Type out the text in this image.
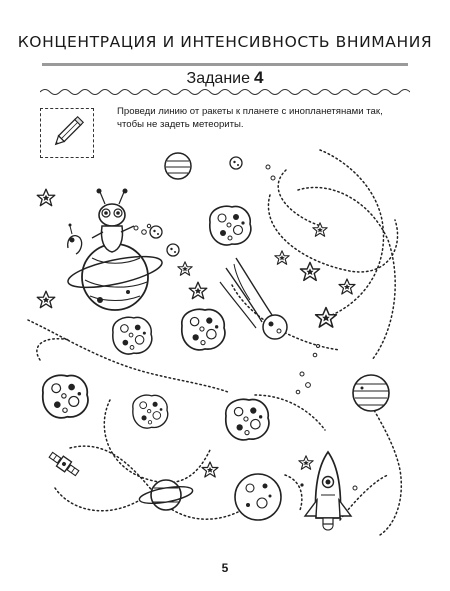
КОНЦЕНТРАЦИЯ И ИНТЕНСИВНОСТЬ ВНИМАНИЯ
Задание 4
Проведи линию от ракеты к планете с инопланетянами так,
чтобы не задеть метеориты.
5
